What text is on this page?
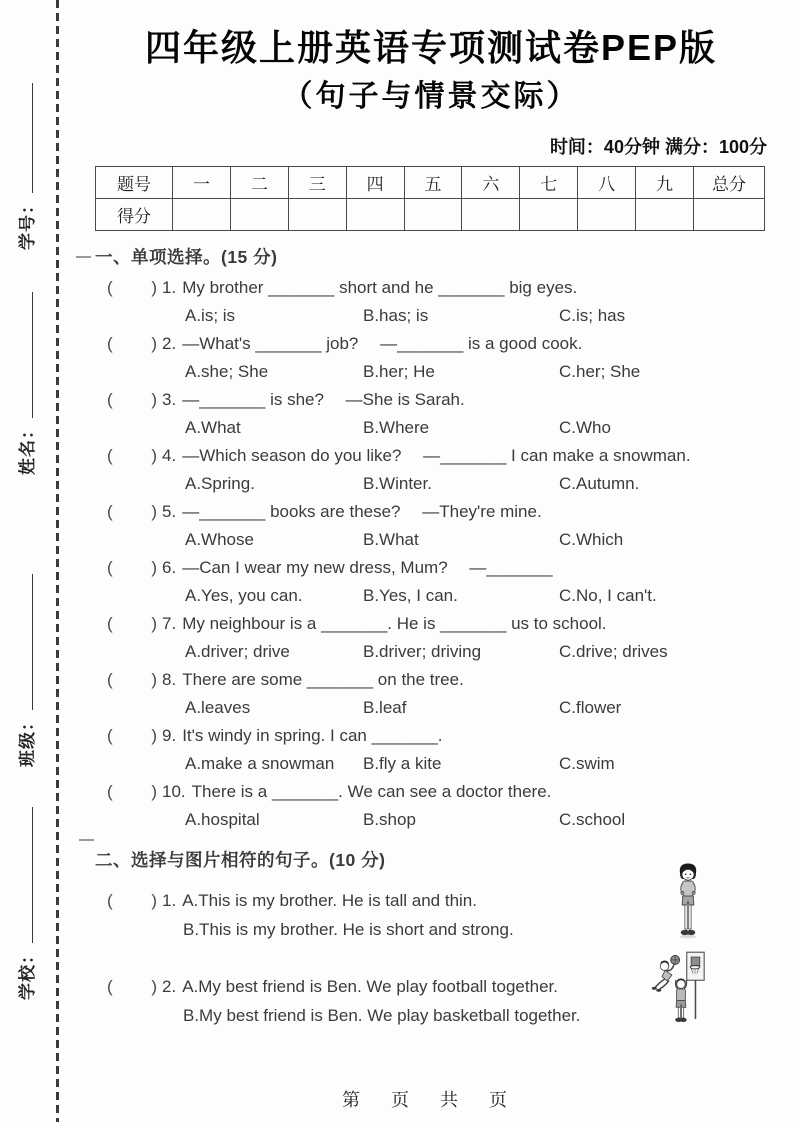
学号：
姓名：
班级：
学校：
四年级上册英语专项测试卷PEP版
（句子与情景交际）
时间：40分钟 满分：100分
题号	一	二	三	四	五	六	七	八	九	总分
得分										
一、单项选择。(15 分)
( ) 1. My brother _______ short and he _______ big eyes.
A.is; is	B.has; is	C.is; has
( ) 2. —What's _______ job? 　—_______ is a good cook.
A.she; She	B.her; He	C.her; She
( ) 3. —_______ is she? 　—She is Sarah.
A.What	B.Where	C.Who
( ) 4. —Which season do you like? 　—_______ I can make a snowman.
A.Spring.	B.Winter.	C.Autumn.
( ) 5. —_______ books are these? 　—They're mine.
A.Whose	B.What	C.Which
( ) 6. —Can I wear my new dress, Mum? 　—_______
A.Yes, you can.	B.Yes, I can.	C.No, I can't.
( ) 7. My neighbour is a _______. He is _______ us to school.
A.driver; drive	B.driver; driving	C.drive; drives
( ) 8. There are some _______ on the tree.
A.leaves	B.leaf	C.flower
( ) 9. It's windy in spring. I can _______.
A.make a snowman	B.fly a kite	C.swim
( ) 10. There is a _______. We can see a doctor there.
A.hospital	B.shop	C.school
二、选择与图片相符的句子。(10 分)
( ) 1. A.This is my brother. He is tall and thin.
B.This is my brother. He is short and strong.
( ) 2. A.My best friend is Ben. We play football together.
B.My best friend is Ben. We play basketball together.
第 页 共 页
